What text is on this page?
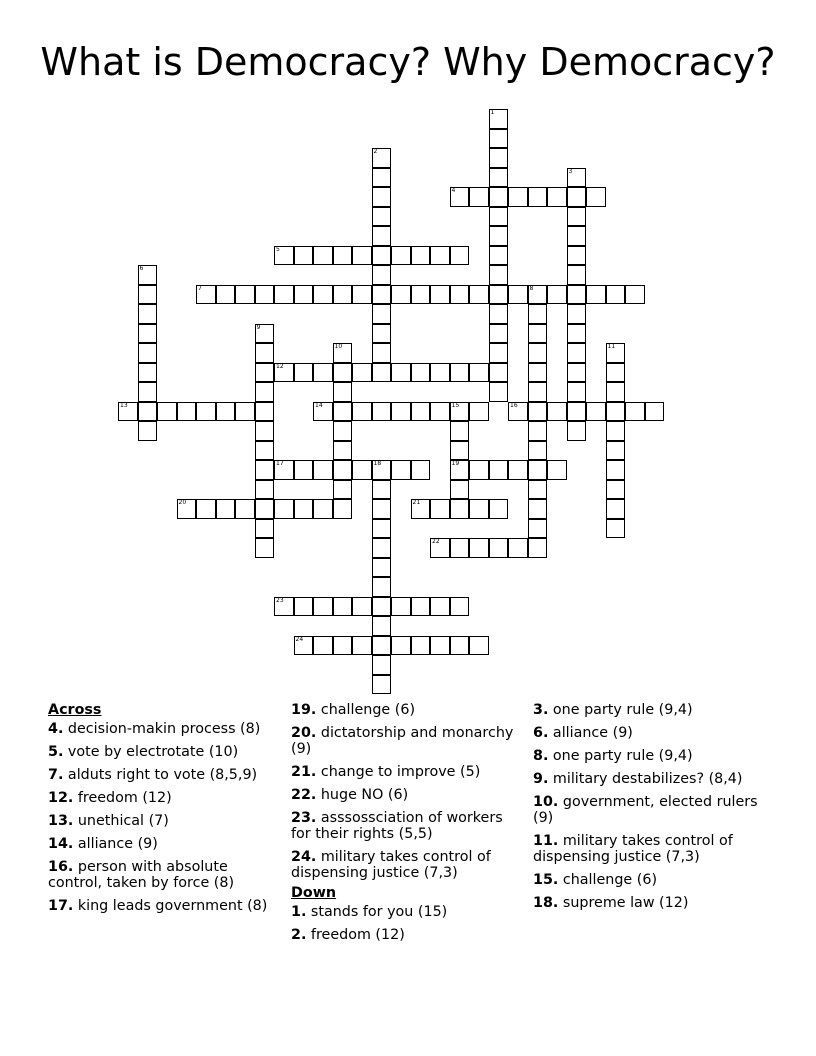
What is Democracy? Why Democracy?
1
2
3
4
5
6
7	8
9
10	11
12
13	14	15
19
16
17	18
20	21
22
23
24
Across
4. decision-makin process (8)
5. vote by electrotate (10)
7. alduts right to vote (8,5,9)
12. freedom (12)
13. unethical (7)
14. alliance (9)
16. person with absolute control, taken by force (8)
17. king leads government (8)
19. challenge (6)
20. dictatorship and monarchy (9)
21. change to improve (5)
22. huge NO (6)
23. asssossciation of workers for their rights (5,5)
24. military takes control of dispensing justice (7,3)
Down
1. stands for you (15)
2. freedom (12)
3. one party rule (9,4)
6. alliance (9)
8. one party rule (9,4)
9. military destabilizes? (8,4)
10. government, elected rulers (9)
11. military takes control of dispensing justice (7,3)
15. challenge (6)
18. supreme law (12)
